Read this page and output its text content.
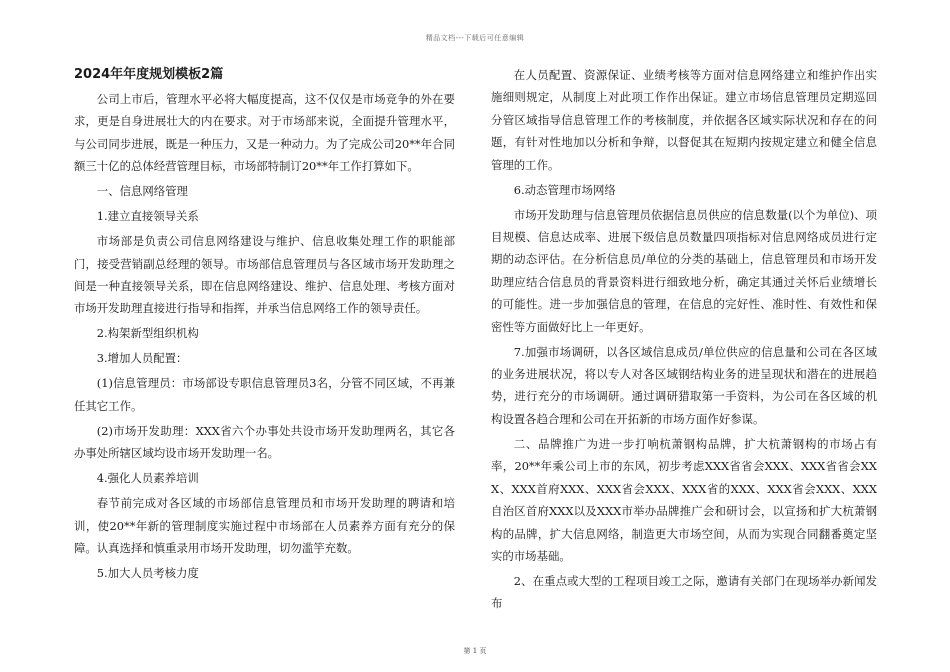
精品文档---下载后可任意编辑
2024年年度规划模板2篇

公司上市后，管理水平必将大幅度提高，这不仅仅是市场竞争的外在要求，更是自身进展壮大的内在要求。对于市场部来说，全面提升管理水平，与公司同步进展，既是一种压力，又是一种动力。为了完成公司20**年合同额三十亿的总体经营管理目标，市场部特制订20**年工作打算如下。

一、信息网络管理

1.建立直接领导关系

市场部是负责公司信息网络建设与维护、信息收集处理工作的职能部门，接受营销副总经理的领导。市场部信息管理员与各区域市场开发助理之间是一种直接领导关系，即在信息网络建设、维护、信息处理、考核方面对市场开发助理直接进行指导和指挥，并承当信息网络工作的领导责任。

2.构架新型组织机构

3.增加人员配置：

(1)信息管理员：市场部设专职信息管理员3名，分管不同区域，不再兼任其它工作。

(2)市场开发助理：XXX省六个办事处共设市场开发助理两名，其它各办事处所辖区域均设市场开发助理一名。

4.强化人员素养培训

春节前完成对各区域的市场部信息管理员和市场开发助理的聘请和培训，使20**年新的管理制度实施过程中市场部在人员素养方面有充分的保障。认真选择和慎重录用市场开发助理，切勿滥竽充数。

5.加大人员考核力度

在人员配置、资源保证、业绩考核等方面对信息网络建立和维护作出实施细则规定，从制度上对此项工作作出保证。建立市场信息管理员定期巡回分管区域指导信息管理工作的考核制度，并依据各区域实际状况和存在的问题，有针对性地加以分析和争辩，以督促其在短期内按规定建立和健全信息管理的工作。

6.动态管理市场网络

市场开发助理与信息管理员依据信息员供应的信息数量(以个为单位)、项目规模、信息达成率、进展下级信息员数量四项指标对信息网络成员进行定期的动态评估。在分析信息员/单位的分类的基础上，信息管理员和市场开发助理应结合信息员的背景资料进行细致地分析，确定其通过关怀后业绩增长的可能性。进一步加强信息的管理，在信息的完好性、准时性、有效性和保密性等方面做好比上一年更好。

7.加强市场调研，以各区域信息成员/单位供应的信息量和公司在各区域的业务进展状况，将以专人对各区域钢结构业务的进呈现状和潜在的进展趋势，进行充分的市场调研。通过调研猎取第一手资料，为公司在各区域的机构设置各趋合理和公司在开拓新的市场方面作好参谋。

二、品牌推广为进一步打响杭萧钢构品牌，扩大杭萧钢构的市场占有率，20**年乘公司上市的东风，初步考虑XXX省省会XXX、XXX省省会XXX、XXX首府XXX、XXX省会XXX、XXX省的XXX、XXX省会XXX、XXX自治区首府XXX以及XXX市举办品牌推广会和研讨会，以宣扬和扩大杭萧钢构的品牌，扩大信息网络，制造更大市场空间，从而为实现合同翻番奠定坚实的市场基础。

2、在重点或大型的工程项目竣工之际，邀请有关部门在现场举办新闻发布

第 1 页
